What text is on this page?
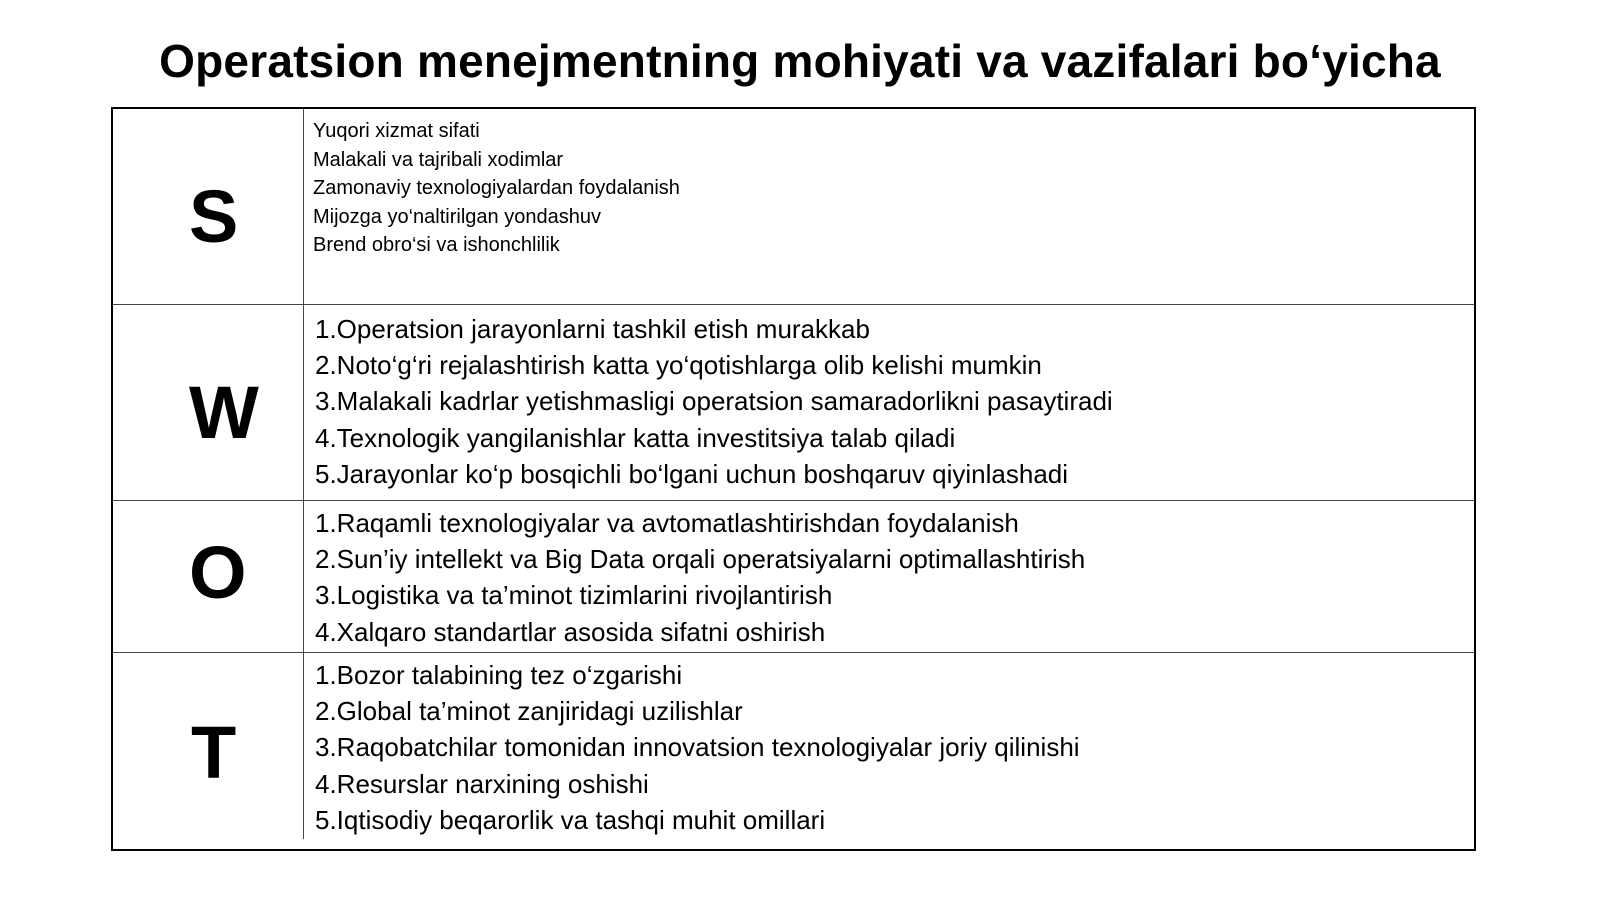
Operatsion menejmentning mohiyati va vazifalari bo‘yicha
S
Yuqori xizmat sifati
Malakali va tajribali xodimlar
Zamonaviy texnologiyalardan foydalanish
Mijozga yo‘naltirilgan yondashuv
Brend obro‘si va ishonchlilik
W
1.Operatsion jarayonlarni tashkil etish murakkab
2.Noto‘g‘ri rejalashtirish katta yo‘qotishlarga olib kelishi mumkin
3.Malakali kadrlar yetishmasligi operatsion samaradorlikni pasaytiradi
4.Texnologik yangilanishlar katta investitsiya talab qiladi
5.Jarayonlar ko‘p bosqichli bo‘lgani uchun boshqaruv qiyinlashadi
O
1.Raqamli texnologiyalar va avtomatlashtirishdan foydalanish
2.Sun’iy intellekt va Big Data orqali operatsiyalarni optimallashtirish
3.Logistika va ta’minot tizimlarini rivojlantirish
4.Xalqaro standartlar asosida sifatni oshirish
T
1.Bozor talabining tez o‘zgarishi
2.Global ta’minot zanjiridagi uzilishlar
3.Raqobatchilar tomonidan innovatsion texnologiyalar joriy qilinishi
4.Resurslar narxining oshishi
5.Iqtisodiy beqarorlik va tashqi muhit omillari
